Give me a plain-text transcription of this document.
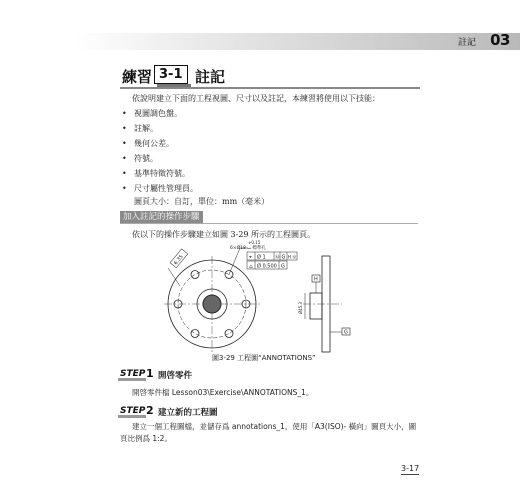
註記 03
練習 3-1 註記
依說明建立下面的工程視圖、尺寸以及註記，本練習將使用以下技能：
• 視圖調色盤。
• 註解。
• 幾何公差。
• 符號。
• 基準特徵符號。
• 尺寸屬性管理員。
圖頁大小：自訂，單位：mm（毫米）
加入註記的操作步驟
依以下的操作步驟建立如圖 3-29 所示的工程圖頁。
6.35
+0.15
6×Ø18 ⌴ 標準孔
⌖ Ø 1 Ⓜ G H Ⓜ
⌓ Ø 0.500 G
H
G
Ø45.3
圖3-29 工程圖“ANNOTATIONS”
STEP 1 開啓零件
開啓零件檔 Lesson03\Exercise\ANNOTATIONS_1。
STEP 2 建立新的工程圖
建立一個工程圖檔，並儲存爲 annotations_1，使用「A3(ISO)- 橫向」圖頁大小，圖
頁比例爲 1:2。
3-17
